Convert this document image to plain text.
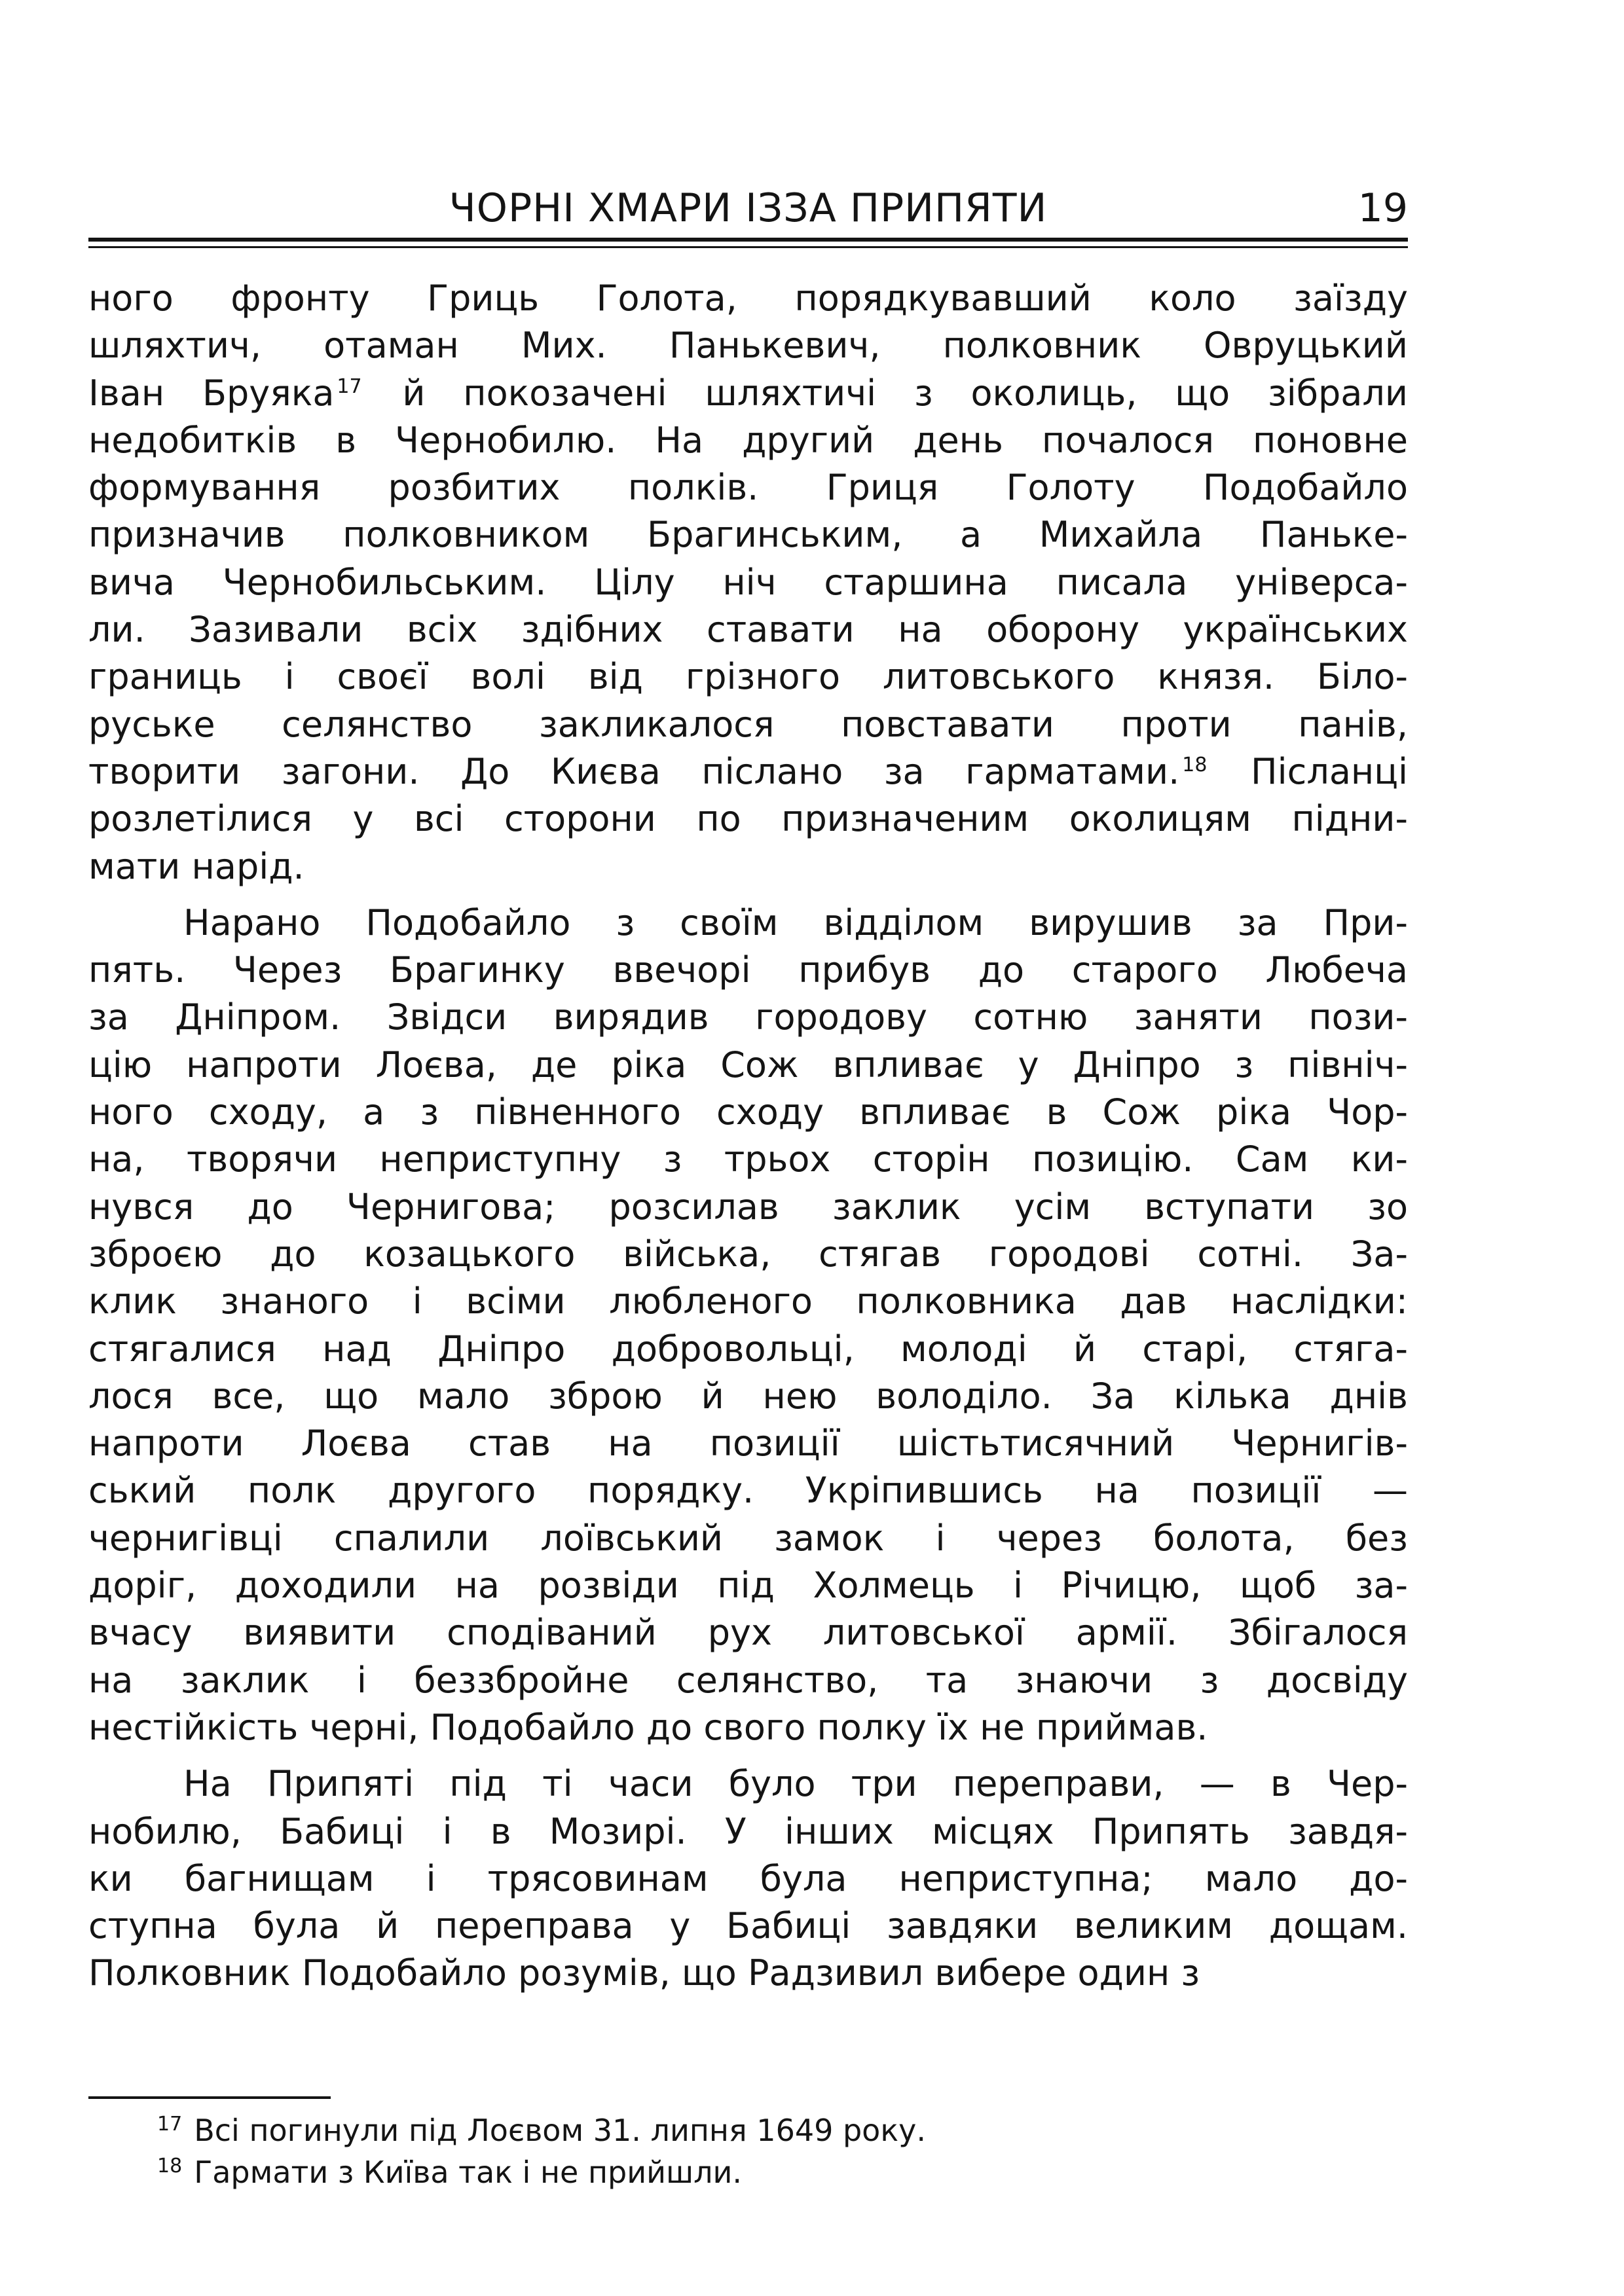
ЧОРНІ ХМАРИ ІЗЗА ПРИПЯТИ	19
ного фронту Гриць Голота, порядкувавший коло заїзду
шляхтич, отаман Мих. Панькевич, полковник Овруцький
Іван Бруяка $^{17}$ й покозачені шляхтичі з околиць, що зібрали
недобитків в Чернобилю. На другий день почалося поновне
формування розбитих полків. Гриця Голоту Подобайло
призначив полковником Брагинським, а Михайла Панькe-
вича Чернобильським. Цілу ніч старшина писала універса-
ли. Зазивали всіх здібних ставати на оборону українських
границь і своєї волі від грізного литовського князя. Біло-
руське селянство закликалося повставати проти панів,
творити загони. До Києва післано за гарматами. $^{18}$ Післанці
розлетілися у всі сторони по призначеним околицям підни-
мати нарід.
Нарано Подобайло з своїм відділом вирушив за При-
пять. Через Брагинку ввечорі прибув до старого Любеча
за Дніпром. Звідси вирядив городову сотню заняти пози-
цію напроти Лоєва, де ріка Сож впливає у Дніпро з північ-
ного сходу, а з півненного сходу впливає в Сож ріка Чор-
на, творячи неприступну з трьох сторін позицію. Сам ки-
нувся до Чернигова; розсилав заклик усім вступати зо
зброєю до козацького війська, стягав городові сотні. За-
клик знаного і всіми любленого полковника дав наслідки:
стягалися над Дніпро добровольці, молоді й старі, стяга-
лося все, що мало зброю й нею володіло. За кілька днів
напроти Лоєва став на позиції шістьтисячний Чернигів-
ський полк другого порядку. Укріпившись на позиції —
чернигівці спалили лоївський замок і через болота, без
доріг, доходили на розвіди під Холмець і Річицю, щоб за-
вчасу виявити сподіваний рух литовської армії. Збігалося
на заклик і беззбройне селянство, та знаючи з досвіду
нестійкість черні, Подобайло до свого полку їх не приймав.
На Припяті під ті часи було три переправи, — в Чер-
нобилю, Бабиці і в Мозирі. У інших місцях Припять завдя-
ки багнищам і трясовинам була неприступна; мало до-
ступна була й переправа у Бабиці завдяки великим дощам.
Полковник Подобайло розумів, що Радзивил вибере один з
$^{17}$ Всі погинули під Лоєвом 31. липня 1649 року.
$^{18}$ Гармати з Київа так і не прийшли.
